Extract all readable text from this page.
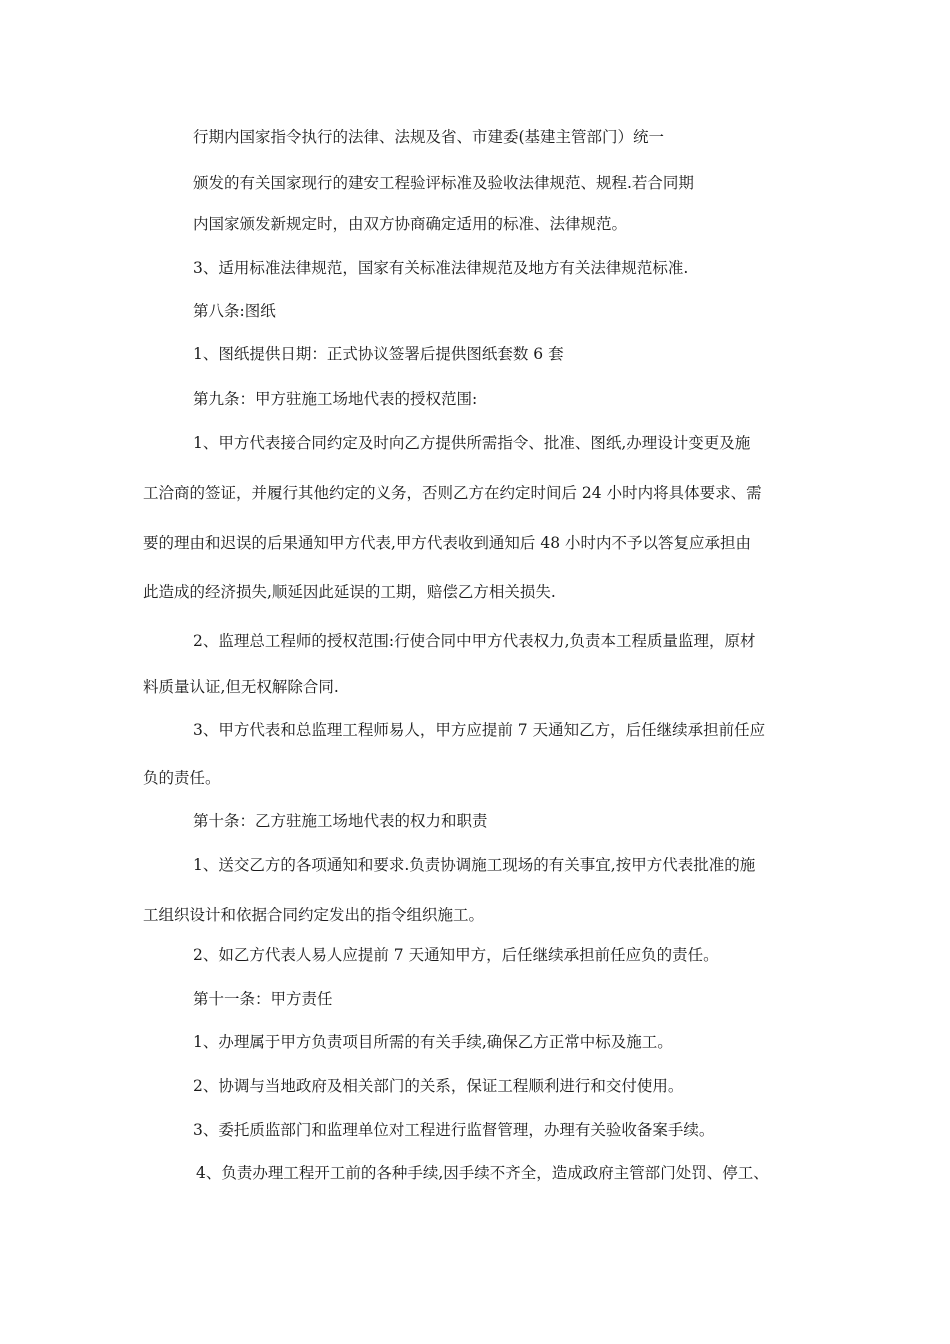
行期内国家指令执行的法律、法规及省、市建委(基建主管部门）统一
颁发的有关国家现行的建安工程验评标准及验收法律规范、规程.若合同期
内国家颁发新规定时，由双方协商确定适用的标准、法律规范。
3、适用标准法律规范，国家有关标准法律规范及地方有关法律规范标准.
第八条:图纸
1、图纸提供日期：正式协议签署后提供图纸套数 6 套
第九条：甲方驻施工场地代表的授权范围:
1、甲方代表接合同约定及时向乙方提供所需指令、批准、图纸,办理设计变更及施
工洽商的签证，并履行其他约定的义务，否则乙方在约定时间后 24 小时内将具体要求、需
要的理由和迟误的后果通知甲方代表,甲方代表收到通知后 48 小时内不予以答复应承担由
此造成的经济损失,顺延因此延误的工期，赔偿乙方相关损失.
2、监理总工程师的授权范围:行使合同中甲方代表权力,负责本工程质量监理，原材
料质量认证,但无权解除合同.
3、甲方代表和总监理工程师易人，甲方应提前 7 天通知乙方，后任继续承担前任应
负的责任。
第十条：乙方驻施工场地代表的权力和职责
1、送交乙方的各项通知和要求.负责协调施工现场的有关事宜,按甲方代表批准的施
工组织设计和依据合同约定发出的指令组织施工。
2、如乙方代表人易人应提前 7 天通知甲方，后任继续承担前任应负的责任。
第十一条：甲方责任
1、办理属于甲方负责项目所需的有关手续,确保乙方正常中标及施工。
2、协调与当地政府及相关部门的关系，保证工程顺利进行和交付使用。
3、委托质监部门和监理单位对工程进行监督管理，办理有关验收备案手续。
4、负责办理工程开工前的各种手续,因手续不齐全，造成政府主管部门处罚、停工、
